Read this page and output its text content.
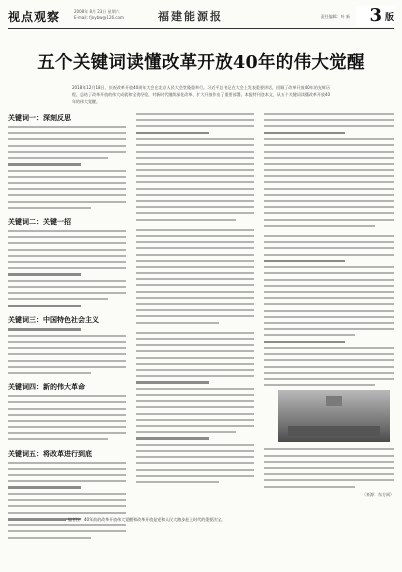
视点观察	2008年 8月 23日 星期六
E-mail: fjnybw@126.com	福建能源报	责任编辑：叶 新 3 版
五个关键词读懂改革开放40年的伟大觉醒
2018年12月18日，庆祝改革开放40周年大会在北京人民大会堂隆重举行。习近平总书记在大会上发表重要讲话，回顾了改革开放40年的光辉历程，总结了改革开放的伟大成就和宝贵经验，对新时代继续深化改革、扩大开放作出了重要部署。本报特刊登本文，从五个关键词读懂改革开放40年的伟大觉醒。
关键词一：深刻反思
关键词二：关键一招
关键词三：中国特色社会主义
关键词四：新的伟大革命
关键词五：将改革进行到底
（来源：东方网）
编者按：40年前的改革开放伟大觉醒和改革开放是党和人民大踏步赶上时代的重要法宝。
